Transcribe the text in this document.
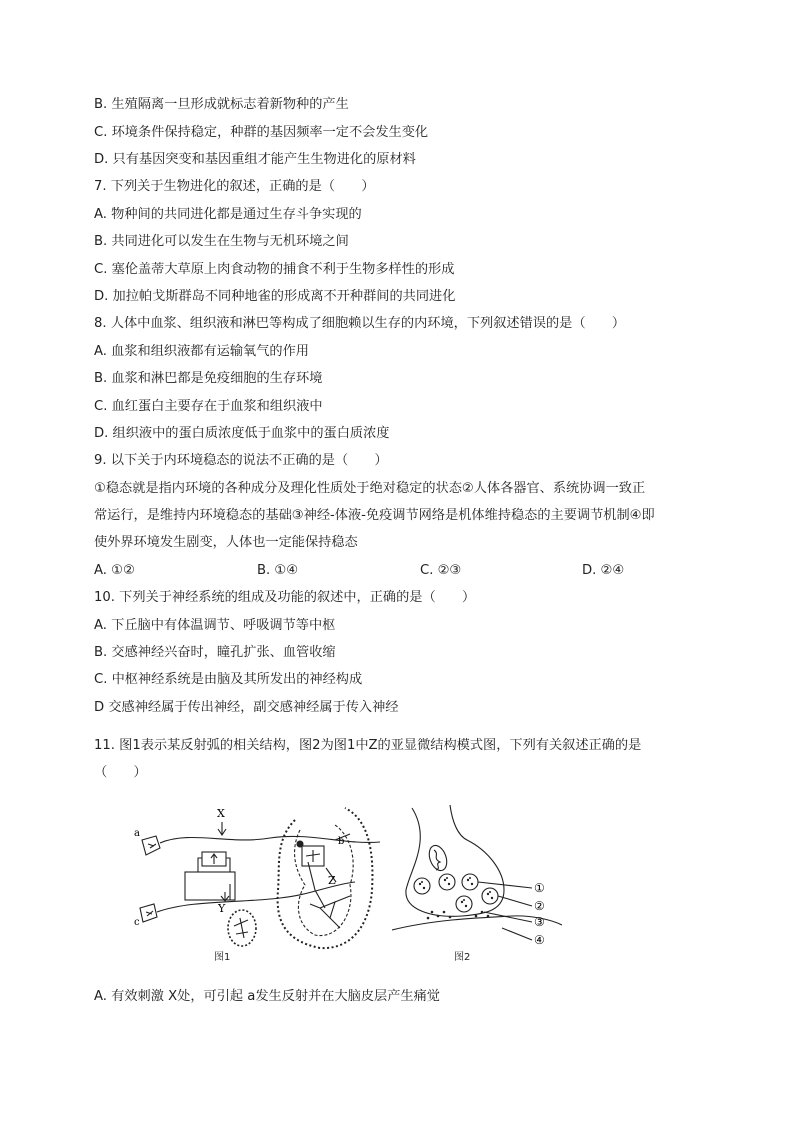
B. 生殖隔离一旦形成就标志着新物种的产生
C. 环境条件保持稳定，种群的基因频率一定不会发生变化
D. 只有基因突变和基因重组才能产生生物进化的原材料
7. 下列关于生物进化的叙述，正确的是（　　）
A. 物种间的共同进化都是通过生存斗争实现的
B. 共同进化可以发生在生物与无机环境之间
C. 塞伦盖蒂大草原上肉食动物的捕食不利于生物多样性的形成
D. 加拉帕戈斯群岛不同种地雀的形成离不开种群间的共同进化
8. 人体中血浆、组织液和淋巴等构成了细胞赖以生存的内环境，下列叙述错误的是（　　）
A. 血浆和组织液都有运输氧气的作用
B. 血浆和淋巴都是免疫细胞的生存环境
C. 血红蛋白主要存在于血浆和组织液中
D. 组织液中的蛋白质浓度低于血浆中的蛋白质浓度
9. 以下关于内环境稳态的说法不正确的是（　　）
①稳态就是指内环境的各种成分及理化性质处于绝对稳定的状态②人体各器官、系统协调一致正
常运行，是维持内环境稳态的基础③神经-体液-免疫调节网络是机体维持稳态的主要调节机制④即
使外界环境发生剧变，人体也一定能保持稳态
A. ①②	B. ①④	C. ②③	D. ②④
10. 下列关于神经系统的组成及功能的叙述中，正确的是（　　）
A. 下丘脑中有体温调节、呼吸调节等中枢
B. 交感神经兴奋时，瞳孔扩张、血管收缩
C. 中枢神经系统是由脑及其所发出的神经构成
D 交感神经属于传出神经，副交感神经属于传入神经
11. 图1表示某反射弧的相关结构，图2为图1中Z的亚显微结构模式图，下列有关叙述正确的是
（　　）
a
X
c
Y
Z
b
图1
①
②
③
④
图2
A. 有效刺激 X处，可引起 a发生反射并在大脑皮层产生痛觉
